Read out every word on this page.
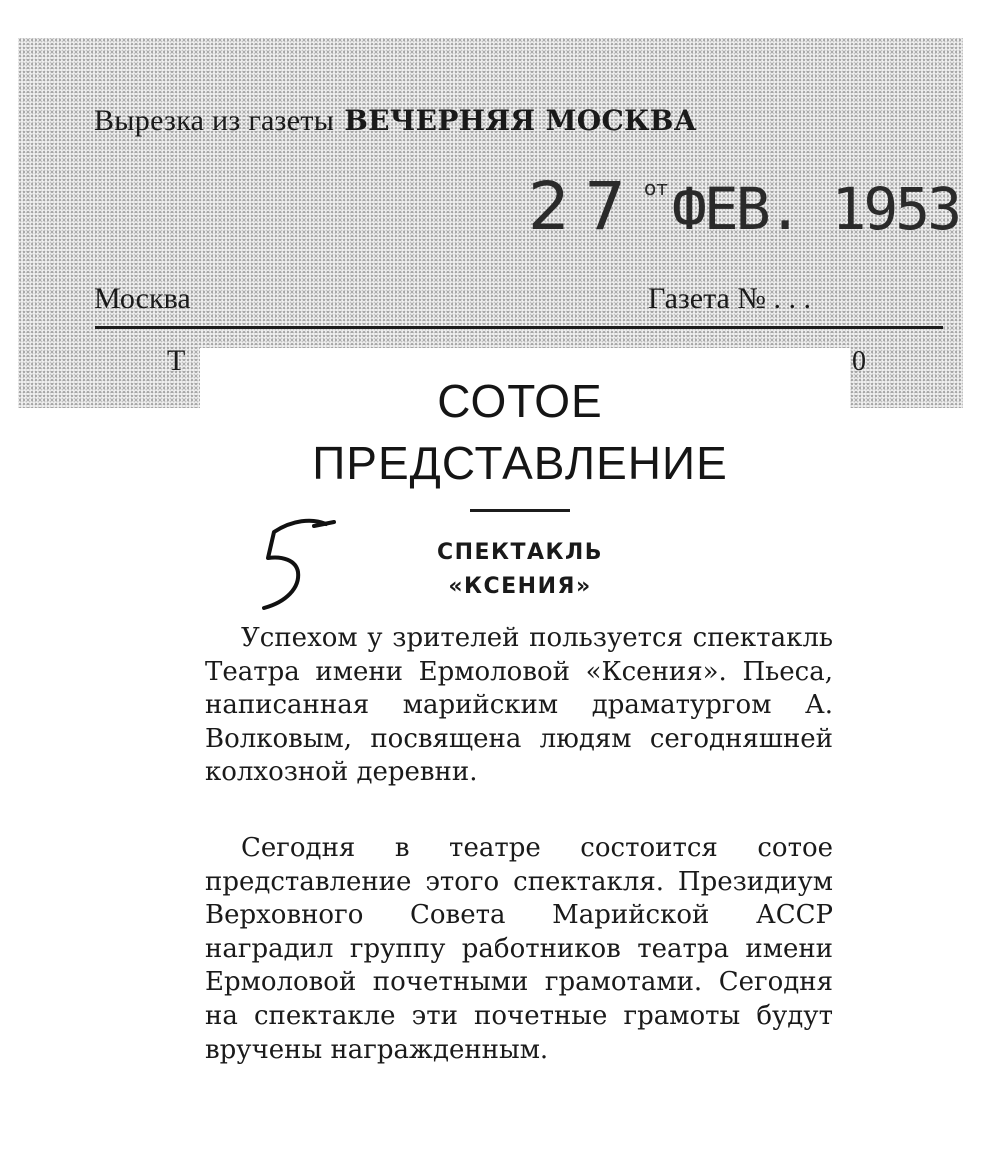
Вырезка из газеты ВЕЧЕРНЯЯ МОСКВА
27 отФЕВ. 1953
Москва	Газета № . . .
Т	0
СОТОЕ
ПРЕДСТАВЛЕНИЕ
СПЕКТАКЛЬ
«КСЕНИЯ»

Успехом у зрителей пользуется спектакль Театра имени Ермоловой «Ксения». Пьеса, написанная марийским драматургом А. Волковым, посвящена людям сегодняшней колхозной деревни.

Сегодня в театре состоится сотое представление этого спектакля. Президиум Верховного Совета Марийской АССР наградил группу работников театра имени Ермоловой почетными грамотами. Сегодня на спектакле эти почетные грамоты будут вручены награжденным.
